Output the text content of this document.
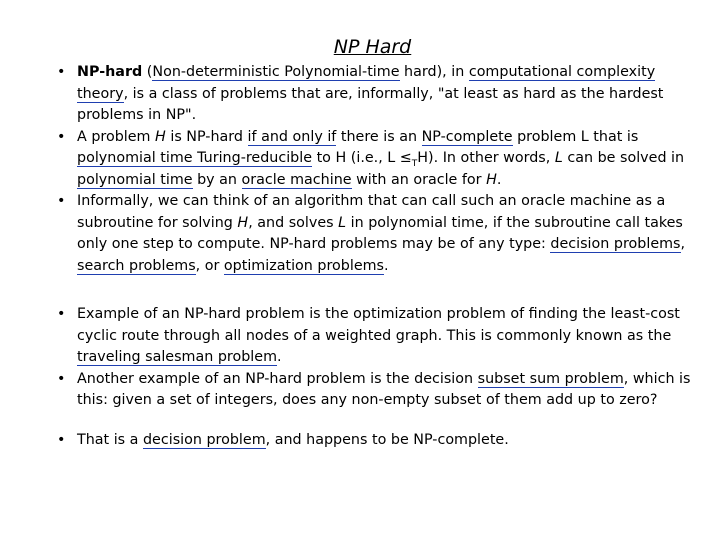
NP Hard
• NP-hard (Non-deterministic Polynomial-time hard), in computational complexity theory, is a class of problems that are, informally, "at least as hard as the hardest problems in NP".
• A problem H is NP-hard if and only if there is an NP-complete problem L that is polynomial time Turing-reducible to H (i.e., $L \le_TH$). In other words, L can be solved in polynomial time by an oracle machine with an oracle for H.
• Informally, we can think of an algorithm that can call such an oracle machine as a subroutine for solving H, and solves L in polynomial time, if the subroutine call takes only one step to compute. NP-hard problems may be of any type: decision problems, search problems, or optimization problems.
• Example of an NP-hard problem is the optimization problem of finding the least-cost cyclic route through all nodes of a weighted graph. This is commonly known as the traveling salesman problem.
• Another example of an NP-hard problem is the decision subset sum problem, which is this: given a set of integers, does any non-empty subset of them add up to zero?
• That is a decision problem, and happens to be NP-complete.
